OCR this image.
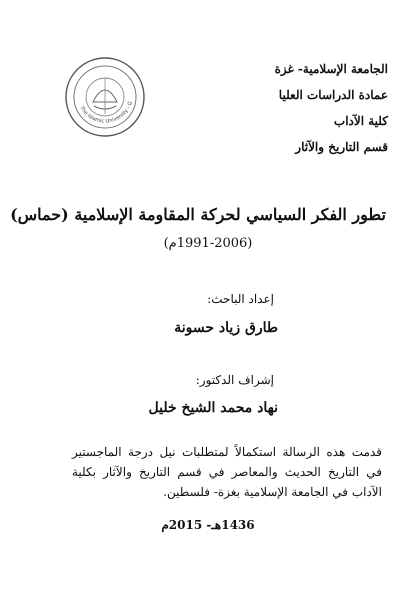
الجامعة الإسلامية- غزة
عمادة الدراسات العليا
كلية الآداب
قسم التاريخ والآثار
The Islamic University - G
تطور الفكر السياسي لحركة المقاومة الإسلامية (حماس)
(1991-2006م)
إعداد الباحث:
طارق زياد حسونة
إشراف الدكتور:
نهاد محمد الشيخ خليل
قدمت هذه الرسالة استكمالاً لمتطلبات نيل درجة الماجستير في التاريخ الحديث والمعاصر في قسم التاريخ والآثار بكلية الآداب في الجامعة الإسلامية بغزة- فلسطين.
1436هـ- 2015م
